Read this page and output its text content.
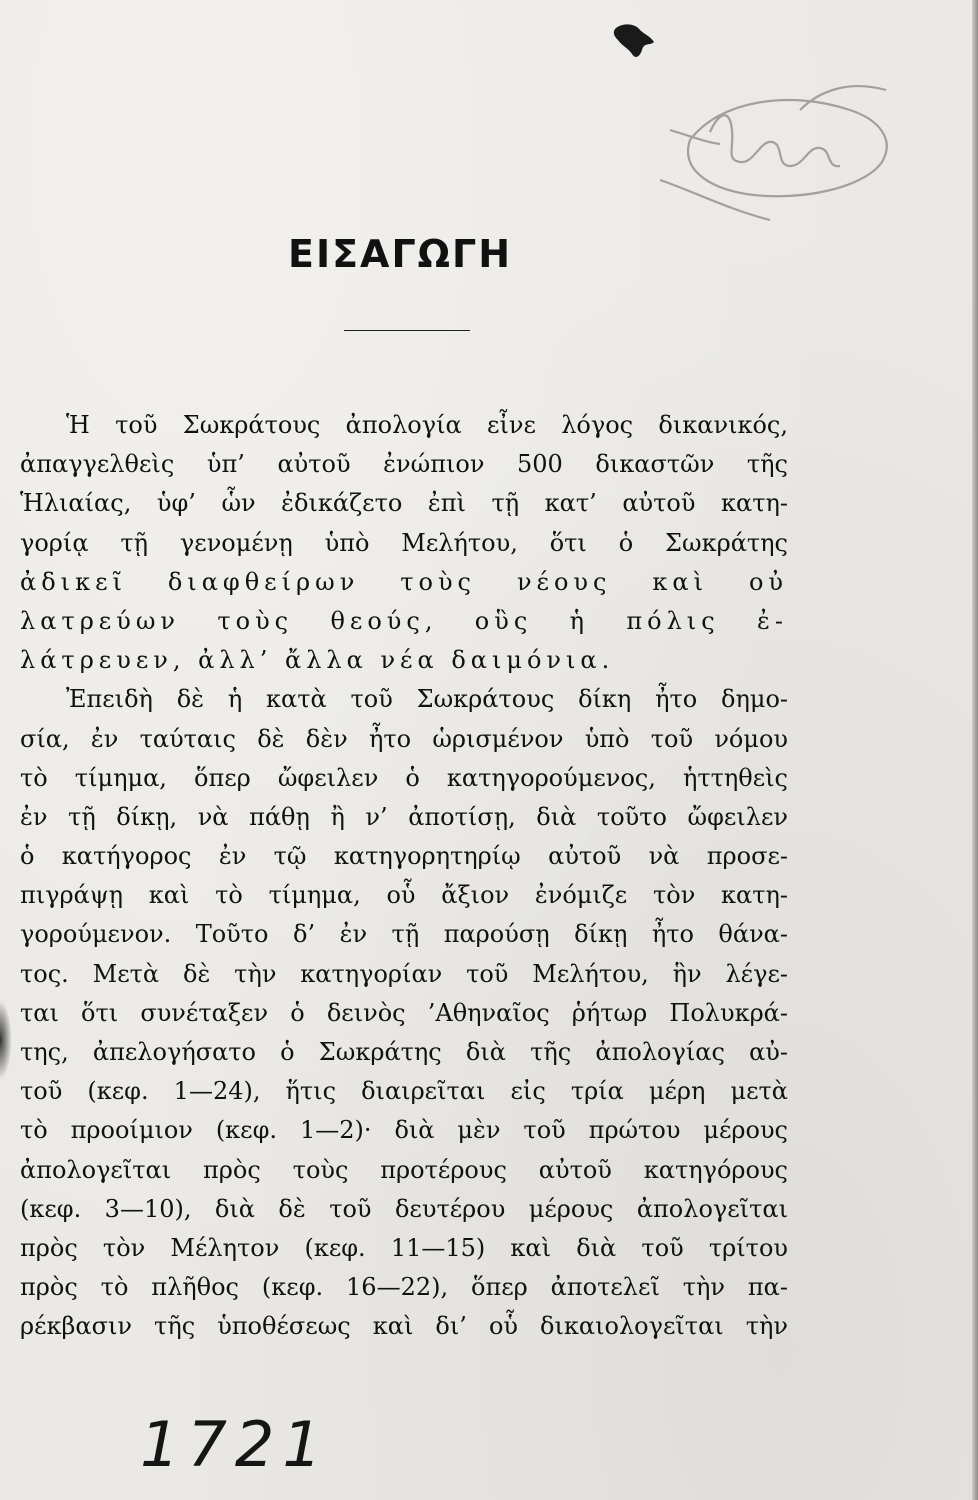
ΕΙΣΑΓΩΓΗ
Ἡ τοῦ Σωκράτους ἀπολογία εἶνε λόγος δικανικός,
ἀπαγγελθεὶς ὑπ’ αὐτοῦ ἐνώπιον 500 δικαστῶν τῆς
Ἡλιαίας, ὑφ’ ὧν ἐδικάζετο ἐπὶ τῇ κατ’ αὐτοῦ κατη-
γορίᾳ τῇ γενομένῃ ὑπὸ Μελήτου, ὅτι ὁ Σωκράτης
ἀδικεῖ διαφθείρων τοὺς νέους καὶ οὐ
λατρεύων τοὺς θεούς, οὓς ἡ πόλις ἐ-
λάτρευεν, ἀλλ’ ἄλλα νέα δαιμόνια.
Ἐπειδὴ δὲ ἡ κατὰ τοῦ Σωκράτους δίκη ἦτο δημο-
σία, ἐν ταύταις δὲ δὲν ἦτο ὡρισμένον ὑπὸ τοῦ νόμου
τὸ τίμημα, ὅπερ ὤφειλεν ὁ κατηγορούμενος, ἡττηθεὶς
ἐν τῇ δίκῃ, νὰ πάθῃ ἢ ν’ ἀποτίσῃ, διὰ τοῦτο ὤφειλεν
ὁ κατήγορος ἐν τῷ κατηγορητηρίῳ αὐτοῦ νὰ προσε-
πιγράψῃ καὶ τὸ τίμημα, οὗ ἄξιον ἐνόμιζε τὸν κατη-
γορούμενον. Τοῦτο δ’ ἐν τῇ παρούσῃ δίκῃ ἦτο θάνα-
τος. Μετὰ δὲ τὴν κατηγορίαν τοῦ Μελήτου, ἣν λέγε-
ται ὅτι συνέταξεν ὁ δεινὸς ’Αθηναῖος ῥήτωρ Πολυκρά-
της, ἀπελογήσατο ὁ Σωκράτης διὰ τῆς ἀπολογίας αὐ-
τοῦ (κεφ. 1—24), ἥτις διαιρεῖται εἰς τρία μέρη μετὰ
τὸ προοίμιον (κεφ. 1—2)· διὰ μὲν τοῦ πρώτου μέρους
ἀπολογεῖται πρὸς τοὺς προτέρους αὐτοῦ κατηγόρους
(κεφ. 3—10), διὰ δὲ τοῦ δευτέρου μέρους ἀπολογεῖται
πρὸς τὸν Μέλητον (κεφ. 11—15) καὶ διὰ τοῦ τρίτου
πρὸς τὸ πλῆθος (κεφ. 16—22), ὅπερ ἀποτελεῖ τὴν πα-
ρέκβασιν τῆς ὑποθέσεως καὶ δι’ οὗ δικαιολογεῖται τὴν
1721
